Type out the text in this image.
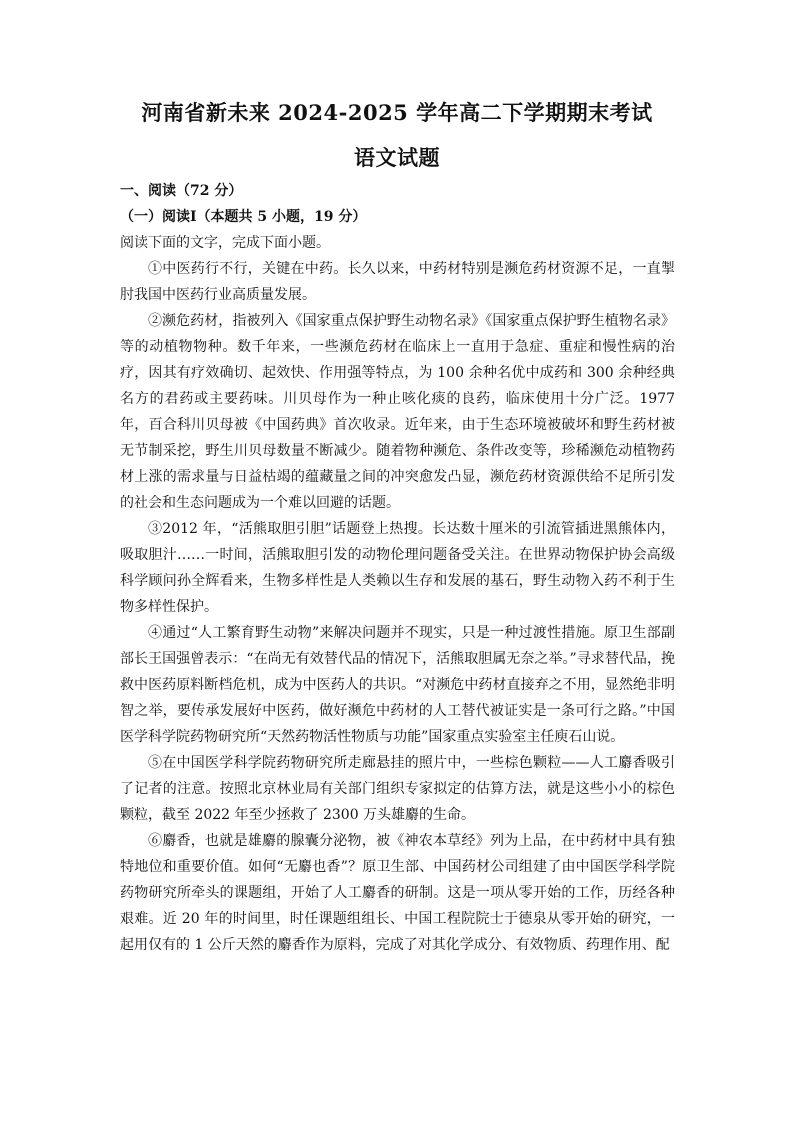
河南省新未来 2024-2025 学年高二下学期期末考试
语文试题

一、阅读（72 分）

（一）阅读Ⅰ（本题共 5 小题，19 分）

阅读下面的文字，完成下面小题。

①中医药行不行，关键在中药。长久以来，中药材特别是濒危药材资源不足，一直掣肘我国中医药行业高质量发展。

②濒危药材，指被列入《国家重点保护野生动物名录》《国家重点保护野生植物名录》等的动植物物种。数千年来，一些濒危药材在临床上一直用于急症、重症和慢性病的治疗，因其有疗效确切、起效快、作用强等特点，为 100 余种名优中成药和 300 余种经典名方的君药或主要药味。川贝母作为一种止咳化痰的良药，临床使用十分广泛。1977 年，百合科川贝母被《中国药典》首次收录。近年来，由于生态环境被破坏和野生药材被无节制采挖，野生川贝母数量不断减少。随着物种濒危、条件改变等，珍稀濒危动植物药材上涨的需求量与日益枯竭的蕴藏量之间的冲突愈发凸显，濒危药材资源供给不足所引发的社会和生态问题成为一个难以回避的话题。

③2012 年，“活熊取胆引胆”话题登上热搜。长达数十厘米的引流管插进黑熊体内，吸取胆汁……一时间，活熊取胆引发的动物伦理问题备受关注。在世界动物保护协会高级科学顾问孙全辉看来，生物多样性是人类赖以生存和发展的基石，野生动物入药不利于生物多样性保护。

④通过“人工繁育野生动物”来解决问题并不现实，只是一种过渡性措施。原卫生部副部长王国强曾表示：“在尚无有效替代品的情况下，活熊取胆属无奈之举。”寻求替代品，挽救中医药原料断档危机，成为中医药人的共识。“对濒危中药材直接弃之不用，显然绝非明智之举，要传承发展好中医药，做好濒危中药材的人工替代被证实是一条可行之路。”中国医学科学院药物研究所“天然药物活性物质与功能”国家重点实验室主任庾石山说。

⑤在中国医学科学院药物研究所走廊悬挂的照片中，一些棕色颗粒——人工麝香吸引了记者的注意。按照北京林业局有关部门组织专家拟定的估算方法，就是这些小小的棕色颗粒，截至 2022 年至少拯救了 2300 万头雄麝的生命。

⑥麝香，也就是雄麝的腺囊分泌物，被《神农本草经》列为上品，在中药材中具有独特地位和重要价值。如何“无麝也香”？原卫生部、中国药材公司组建了由中国医学科学院药物研究所牵头的课题组，开始了人工麝香的研制。这是一项从零开始的工作，历经各种艰难。近 20 年的时间里，时任课题组组长、中国工程院院士于德泉从零开始的研究，一起用仅有的 1 公斤天然的麝香作为原料，完成了对其化学成分、有效物质、药理作用、配
